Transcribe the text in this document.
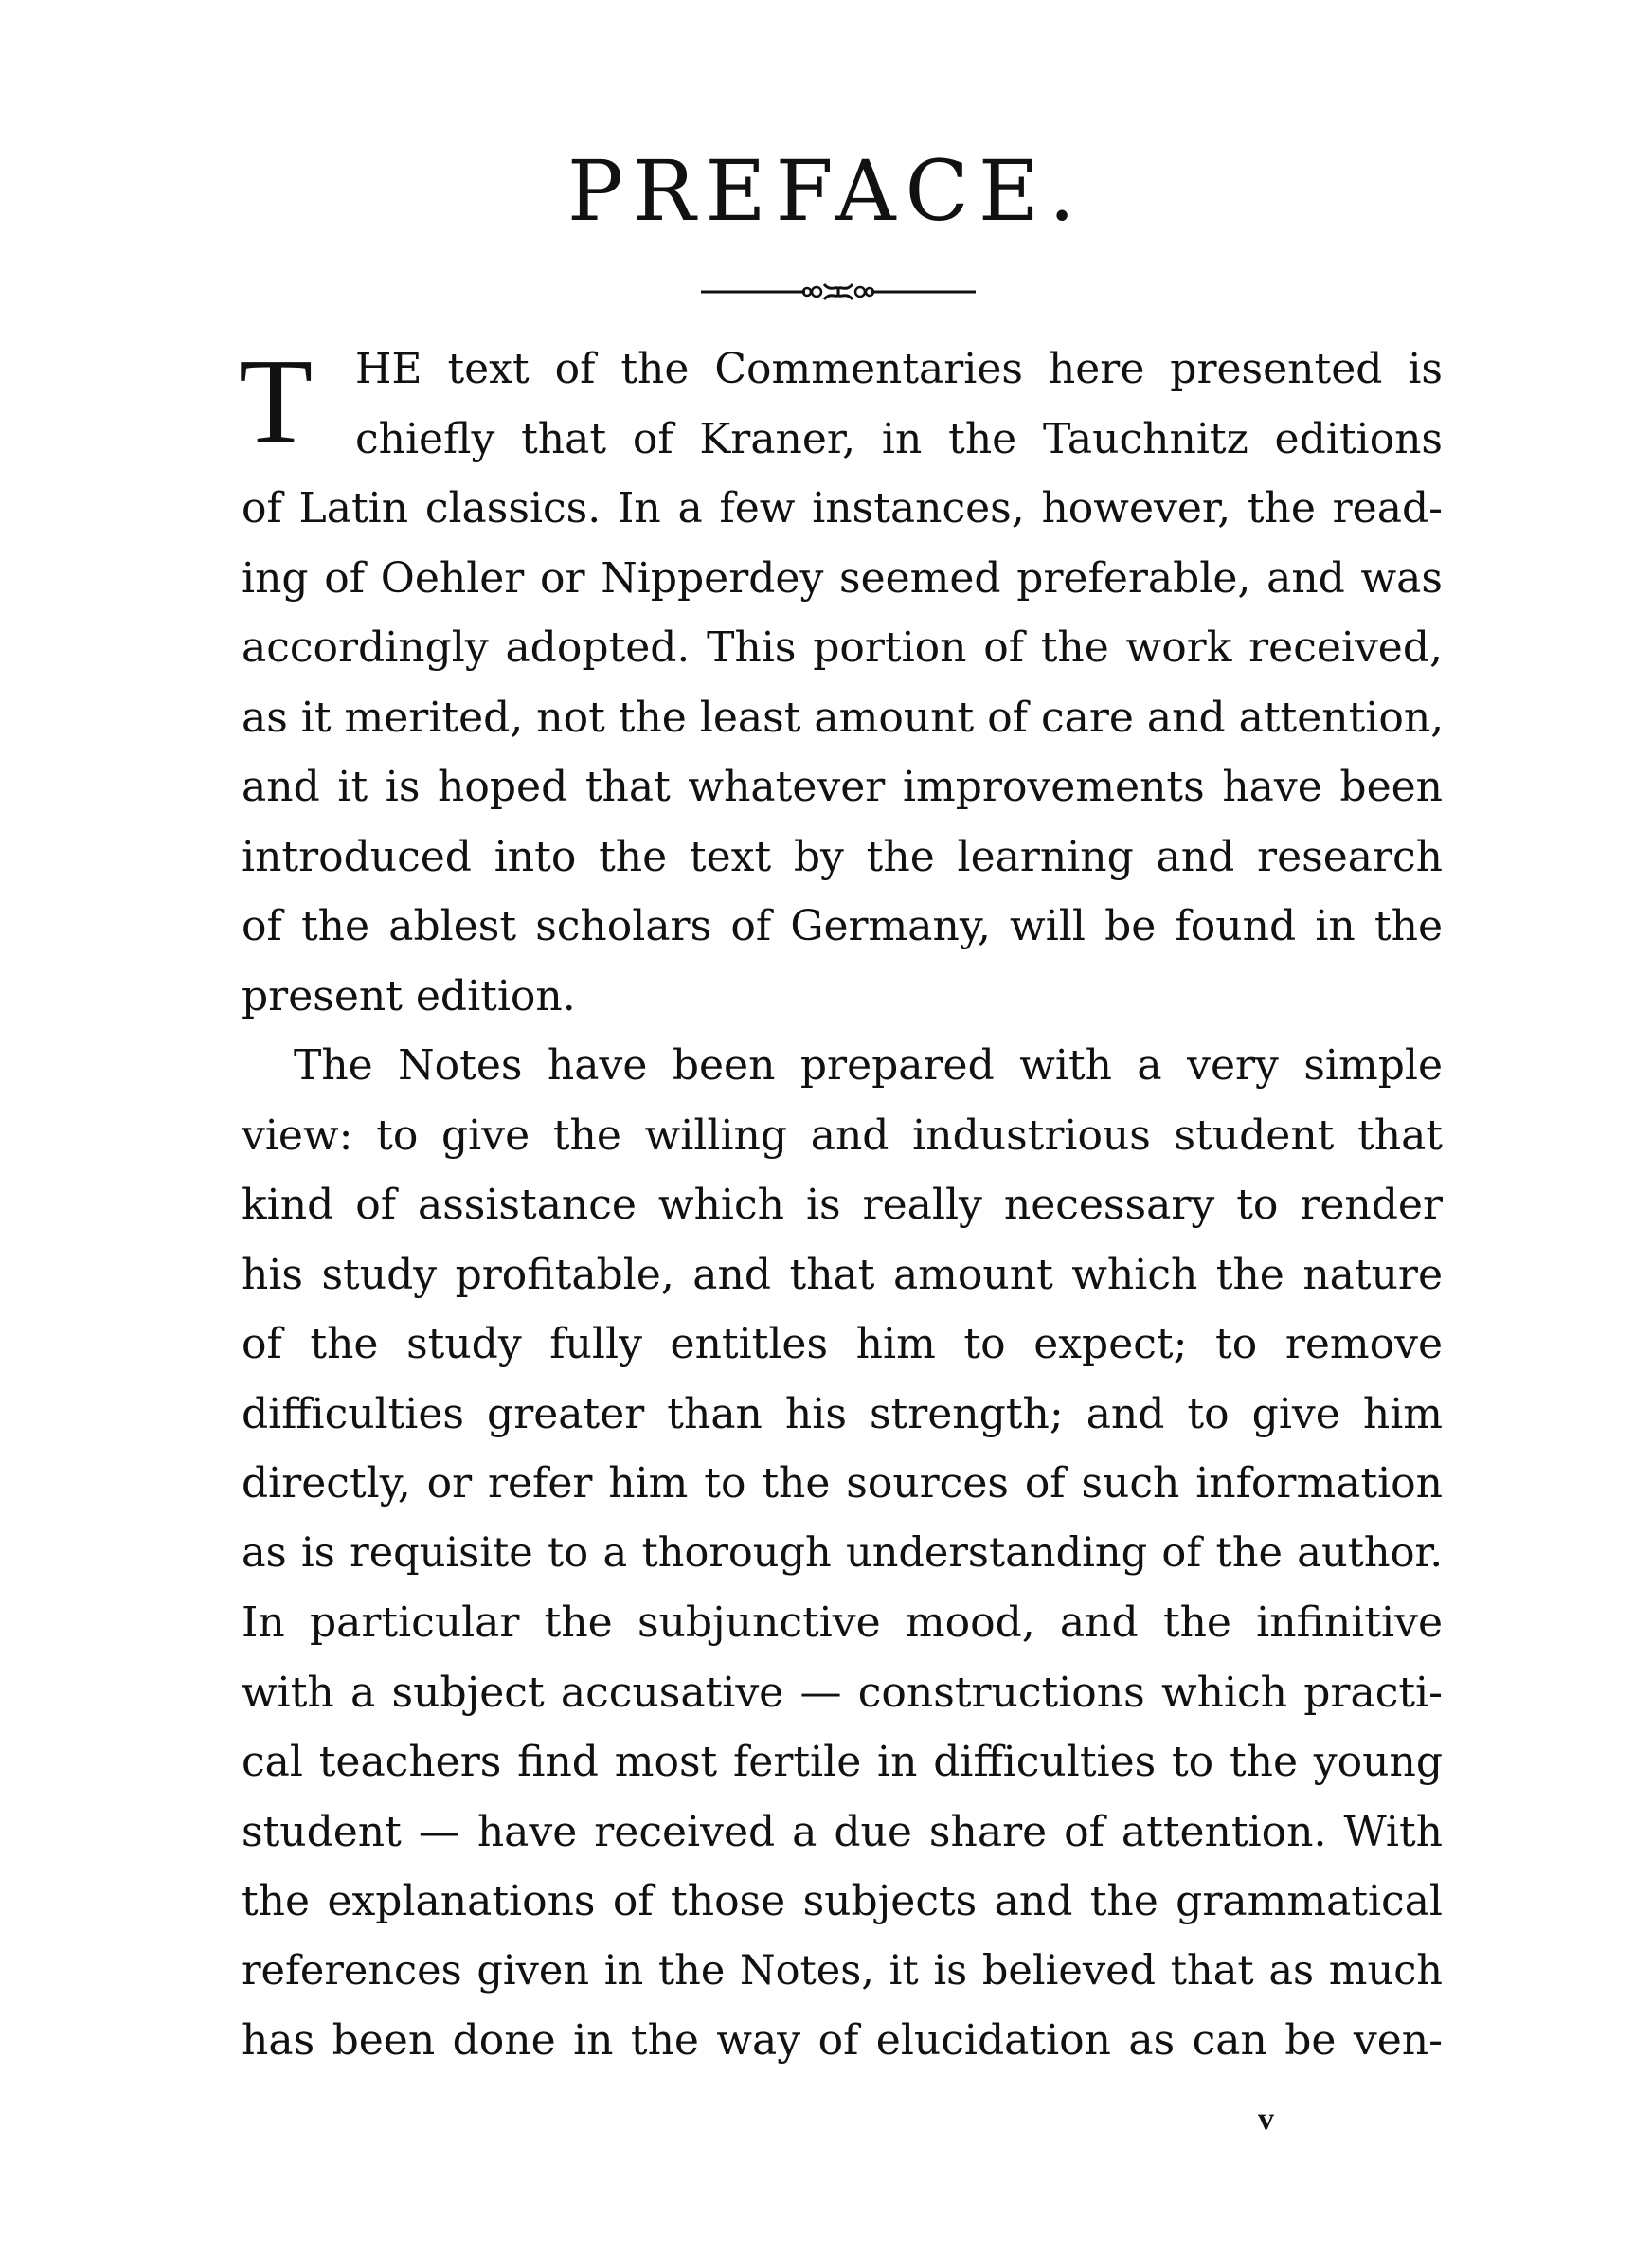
PREFACE.
T	HE text of the Commentaries here presented is
chiefly that of Kraner, in the Tauchnitz editions
of Latin classics. In a few instances, however, the read-
ing of Oehler or Nipperdey seemed preferable, and was
accordingly adopted. This portion of the work received,
as it merited, not the least amount of care and attention,
and it is hoped that whatever improvements have been
introduced into the text by the learning and research
of the ablest scholars of Germany, will be found in the
present edition.
The Notes have been prepared with a very simple
view: to give the willing and industrious student that
kind of assistance which is really necessary to render
his study profitable, and that amount which the nature
of the study fully entitles him to expect; to remove
difficulties greater than his strength; and to give him
directly, or refer him to the sources of such information
as is requisite to a thorough understanding of the author.
In particular the subjunctive mood, and the infinitive
with a subject accusative — constructions which practi-
cal teachers find most fertile in difficulties to the young
student — have received a due share of attention. With
the explanations of those subjects and the grammatical
references given in the Notes, it is believed that as much
has been done in the way of elucidation as can be ven-
v
